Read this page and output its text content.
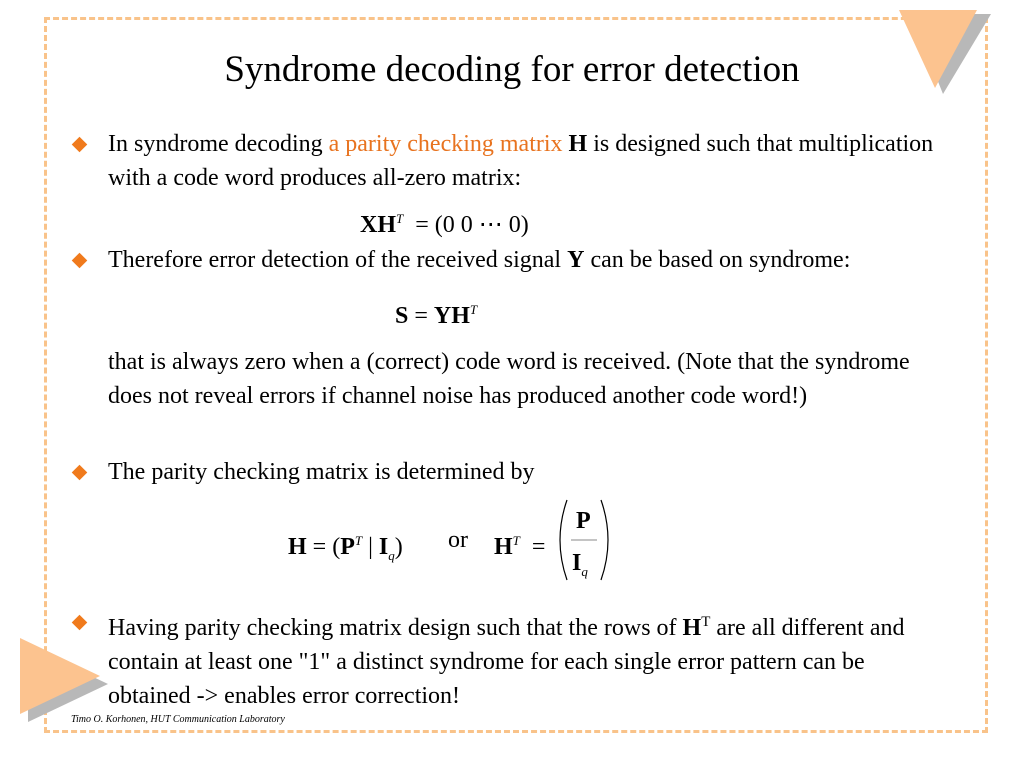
Syndrome decoding for error detection
In syndrome decoding a parity checking matrix H is designed such that multiplication with a code word produces all-zero matrix:
$XH^T = (0$ 0 ⋯ 0)
Therefore error detection of the received signal Y can be based on syndrome:
$S = YH^T$
that is always zero when a (correct) code word is received. (Note that the syndrome does not reveal errors if channel noise has produced another code word!)
The parity checking matrix is determined by
$H = (P^T$ | $I_q$) or $H^T$ =
P
$I_q$
Having parity checking matrix design such that the rows of $H^T$ are all different and contain at least one "1" a distinct syndrome for each single error pattern can be obtained -> enables error correction!
Timo O. Korhonen, HUT Communication Laboratory
